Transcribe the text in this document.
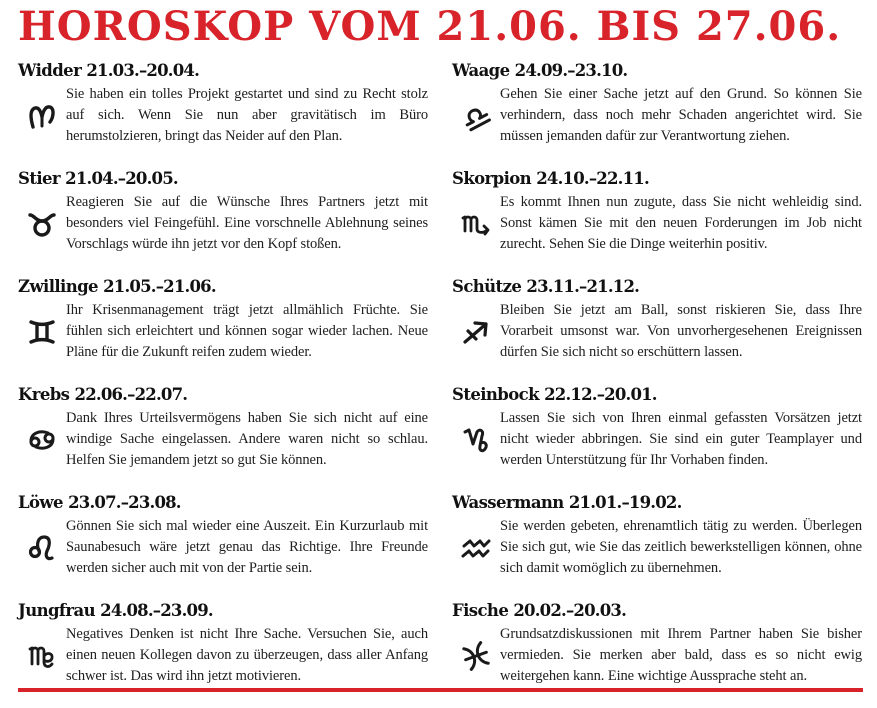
HOROSKOP VOM 21.06. BIS 27.06.
Widder 21.03.–20.04.
Sie haben ein tolles Projekt gestartet und sind zu Recht stolz auf sich. Wenn Sie nun aber gravitätisch im Büro herumstolzieren, bringt das Neider auf den Plan.
Stier 21.04.–20.05.
Reagieren Sie auf die Wünsche Ihres Partners jetzt mit besonders viel Feingefühl. Eine vorschnelle Ablehnung seines Vorschlags würde ihn jetzt vor den Kopf stoßen.
Zwillinge 21.05.–21.06.
Ihr Krisenmanagement trägt jetzt allmählich Früchte. Sie fühlen sich erleichtert und können sogar wieder lachen. Neue Pläne für die Zukunft reifen zudem wieder.
Krebs 22.06.–22.07.
Dank Ihres Urteilsvermögens haben Sie sich nicht auf eine windige Sache eingelassen. Andere waren nicht so schlau. Helfen Sie jemandem jetzt so gut Sie können.
Löwe 23.07.–23.08.
Gönnen Sie sich mal wieder eine Auszeit. Ein Kurzurlaub mit Saunabesuch wäre jetzt genau das Richtige. Ihre Freunde werden sicher auch mit von der Partie sein.
Jungfrau 24.08.–23.09.
Negatives Denken ist nicht Ihre Sache. Versuchen Sie, auch einen neuen Kollegen davon zu überzeugen, dass aller Anfang schwer ist. Das wird ihn jetzt motivieren.
Waage 24.09.–23.10.
Gehen Sie einer Sache jetzt auf den Grund. So können Sie verhindern, dass noch mehr Schaden angerichtet wird. Sie müssen jemanden dafür zur Verantwortung ziehen.
Skorpion 24.10.–22.11.
Es kommt Ihnen nun zugute, dass Sie nicht wehleidig sind. Sonst kämen Sie mit den neuen Forderungen im Job nicht zurecht. Sehen Sie die Dinge weiterhin positiv.
Schütze 23.11.–21.12.
Bleiben Sie jetzt am Ball, sonst riskieren Sie, dass Ihre Vorarbeit umsonst war. Von unvorhergesehenen Ereignissen dürfen Sie sich nicht so erschüttern lassen.
Steinbock 22.12.–20.01.
Lassen Sie sich von Ihren einmal gefassten Vorsätzen jetzt nicht wieder abbringen. Sie sind ein guter Teamplayer und werden Unterstützung für Ihr Vorhaben finden.
Wassermann 21.01.–19.02.
Sie werden gebeten, ehrenamtlich tätig zu werden. Überlegen Sie sich gut, wie Sie das zeitlich bewerkstelligen können, ohne sich damit womöglich zu übernehmen.
Fische 20.02.–20.03.
Grundsatzdiskussionen mit Ihrem Partner haben Sie bisher vermieden. Sie merken aber bald, dass es so nicht ewig weitergehen kann. Eine wichtige Aussprache steht an.
